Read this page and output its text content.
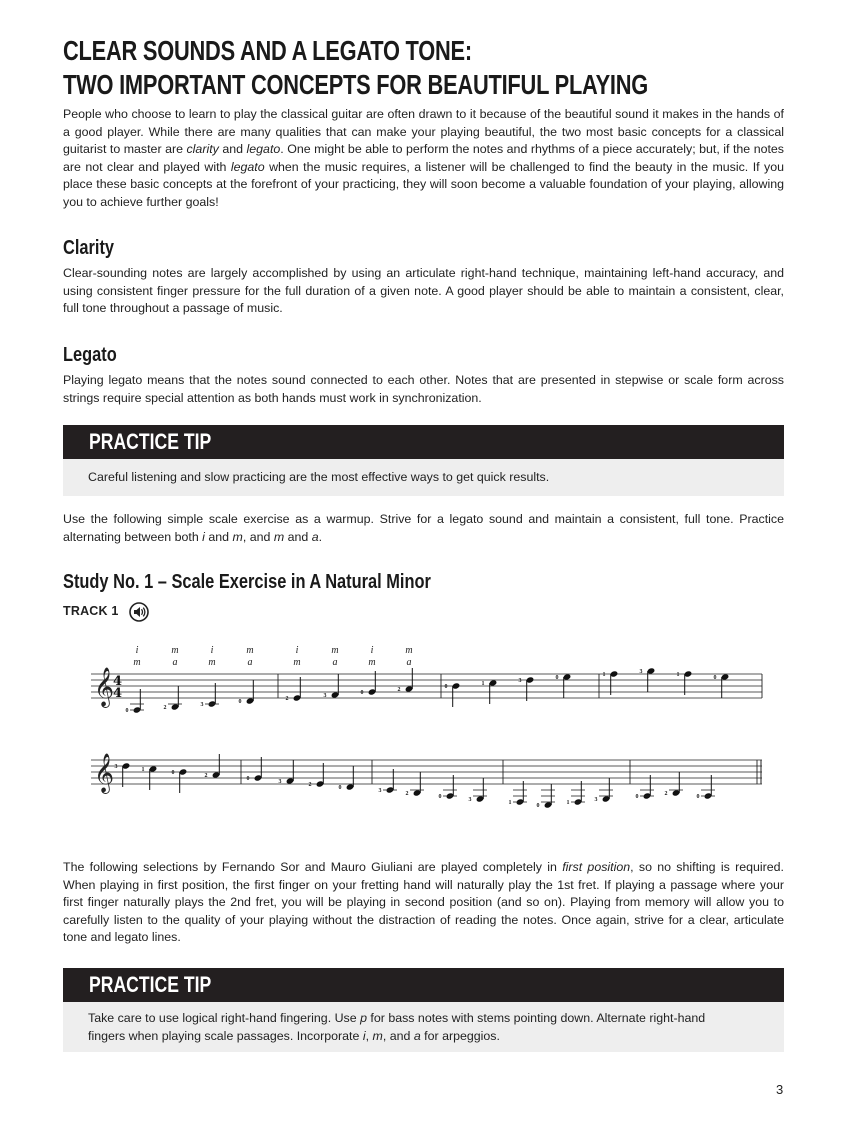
CLEAR SOUNDS AND A LEGATO TONE:
TWO IMPORTANT CONCEPTS FOR BEAUTIFUL PLAYING

People who choose to learn to play the classical guitar are often drawn to it because of the beautiful sound it makes in the hands of a good player. While there are many qualities that can make your playing beautiful, the two most basic concepts for a classical guitarist to master are clarity and legato. One might be able to perform the notes and rhythms of a piece accurately; but, if the notes are not clear and played with legato when the music requires, a listener will be challenged to find the beauty in the music. If you place these basic concepts at the forefront of your practicing, they will soon become a valuable foundation of your playing, allowing you to achieve further goals!

Clarity

Clear-sounding notes are largely accomplished by using an articulate right-hand technique, maintaining left-hand accuracy, and using consistent finger pressure for the full duration of a given note. A good player should be able to maintain a consistent, clear, full tone throughout a passage of music.

Legato

Playing legato means that the notes sound connected to each other. Notes that are presented in stepwise or scale form across strings require special attention as both hands must work in synchronization.

PRACTICE TIP
Careful listening and slow practicing are the most effective ways to get quick results.

Use the following simple scale exercise as a warmup. Strive for a legato sound and maintain a consistent, full tone. Practice alternating between both i and m, and m and a.

Study No. 1 – Scale Exercise in A Natural Minor
TRACK 1
i
m
m
a
i
m
m
a
i
m
m
a
i
m
m
a
𝄞
4
4
0	2	3	0	2	3	0	2	0	1	3	0	1	3	1	0
𝄞 3	1	0	2	0	3	2	0	3	2	0	3	1	0	1	3	0	2	0

The following selections by Fernando Sor and Mauro Giuliani are played completely in first position, so no shifting is required. When playing in first position, the first finger on your fretting hand will naturally play the 1st fret. If playing a passage where your first finger naturally plays the 2nd fret, you will be playing in second position (and so on). Playing from memory will allow you to carefully listen to the quality of your playing without the distraction of reading the notes. Once again, strive for a clear, articulate tone and legato lines.

PRACTICE TIP
Take care to use logical right-hand fingering. Use p for bass notes with stems pointing down. Alternate right-hand fingers when playing scale passages. Incorporate i, m, and a for arpeggios.
3
